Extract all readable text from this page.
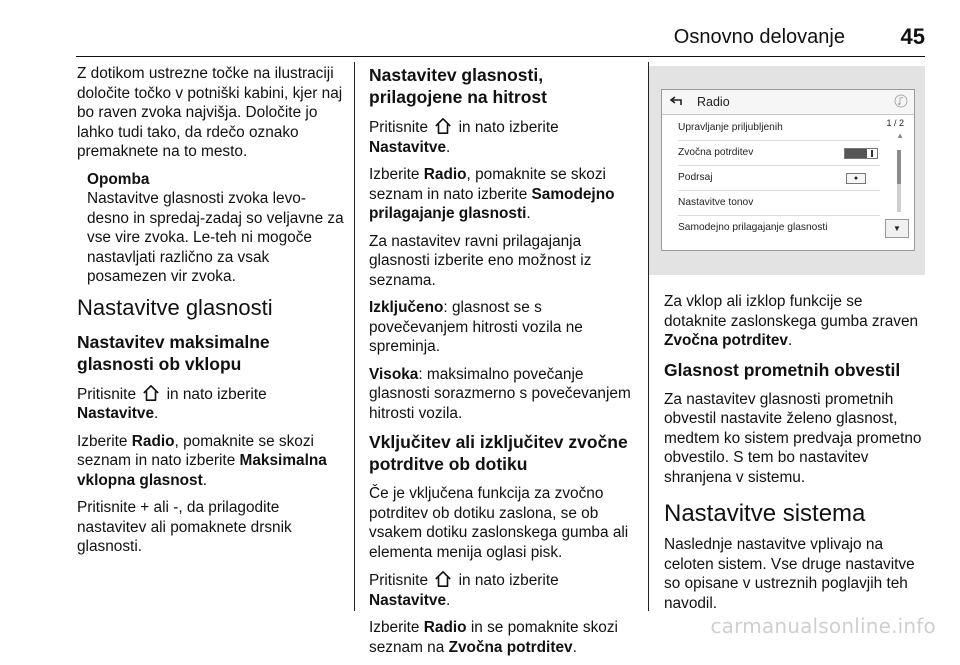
Osnovno delovanje	45

Z dotikom ustrezne točke na ilustraciji določite točko v potniški kabini, kjer naj bo raven zvoka najvišja. Določite jo lahko tudi tako, da rdečo oznako premaknete na to mesto.

Opomba

Nastavitve glasnosti zvoka levo-desno in spredaj-zadaj so veljavne za vse vire zvoka. Le-teh ni mogoče nastavljati različno za vsak posamezen vir zvoka.

Nastavitve glasnosti
Nastavitev maksimalne glasnosti ob vklopu

Pritisnite in nato izberite Nastavitve.

Izberite Radio, pomaknite se skozi seznam in nato izberite Maksimalna vklopna glasnost.

Pritisnite + ali -, da prilagodite nastavitev ali pomaknete drsnik glasnosti.

Nastavitev glasnosti, prilagojene na hitrost

Pritisnite in nato izberite Nastavitve.

Izberite Radio, pomaknite se skozi seznam in nato izberite Samodejno prilagajanje glasnosti.

Za nastavitev ravni prilagajanja glasnosti izberite eno možnost iz seznama.

Izključeno: glasnost se s povečevanjem hitrosti vozila ne spreminja.

Visoka: maksimalno povečanje glasnosti sorazmerno s povečevanjem hitrosti vozila.

Vključitev ali izključitev zvočne potrditve ob dotiku

Če je vključena funkcija za zvočno potrditev ob dotiku zaslona, se ob vsakem dotiku zaslonskega gumba ali elementa menija oglasi pisk.

Pritisnite in nato izberite Nastavitve.

Izberite Radio in se pomaknite skozi seznam na Zvočna potrditev.

Radio
1 / 2
▲
▼
Upravljanje priljubljenih
Zvočna potrditev
Podrsaj	●
Nastavitve tonov
Samodejno prilagajanje glasnosti

Za vklop ali izklop funkcije se dotaknite zaslonskega gumba zraven Zvočna potrditev.

Glasnost prometnih obvestil

Za nastavitev glasnosti prometnih obvestil nastavite želeno glasnost, medtem ko sistem predvaja prometno obvestilo. S tem bo nastavitev shranjena v sistemu.

Nastavitve sistema

Naslednje nastavitve vplivajo na celoten sistem. Vse druge nastavitve so opisane v ustreznih poglavjih teh navodil.

carmanualsonline.info
